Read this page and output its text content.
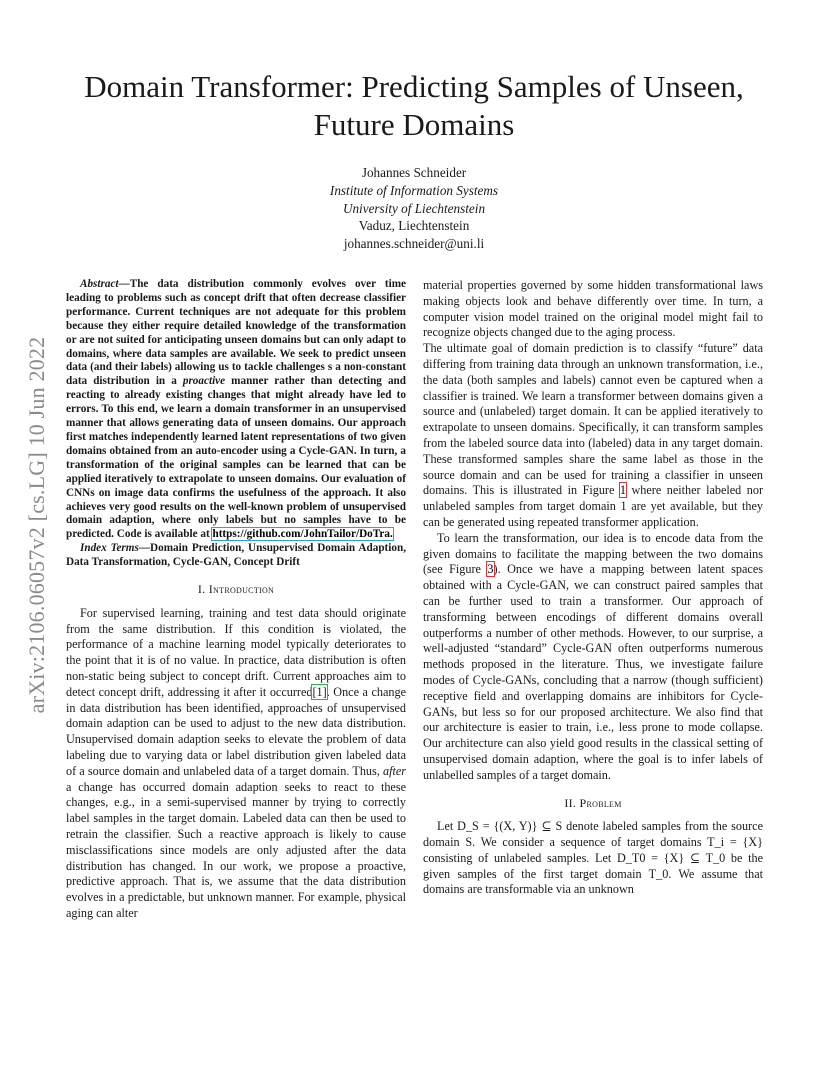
arXiv:2106.06057v2 [cs.LG] 10 Jun 2022
Domain Transformer: Predicting Samples of Unseen, Future Domains
Johannes Schneider
Institute of Information Systems
University of Liechtenstein
Vaduz, Liechtenstein
johannes.schneider@uni.li

Abstract—The data distribution commonly evolves over time leading to problems such as concept drift that often decrease classifier performance. Current techniques are not adequate for this problem because they either require detailed knowledge of the transformation or are not suited for anticipating unseen domains but can only adapt to domains, where data samples are available. We seek to predict unseen data (and their labels) allowing us to tackle challenges s a non-constant data distribution in a proactive manner rather than detecting and reacting to already existing changes that might already have led to errors. To this end, we learn a domain transformer in an unsupervised manner that allows generating data of unseen domains. Our approach first matches independently learned latent representations of two given domains obtained from an auto-encoder using a Cycle-GAN. In turn, a transformation of the original samples can be learned that can be applied iteratively to extrapolate to unseen domains. Our evaluation of CNNs on image data confirms the usefulness of the approach. It also achieves very good results on the well-known problem of unsupervised domain adaption, where only labels but no samples have to be predicted. Code is available at https://github.com/JohnTailor/DoTra.

Index Terms—Domain Prediction, Unsupervised Domain Adaption, Data Transformation, Cycle-GAN, Concept Drift

I. Introduction

For supervised learning, training and test data should originate from the same distribution. If this condition is violated, the performance of a machine learning model typically deteriorates to the point that it is of no value. In practice, data distribution is often non-static being subject to concept drift. Current approaches aim to detect concept drift, addressing it after it occurred[1]. Once a change in data distribution has been identified, approaches of unsupervised domain adaption can be used to adjust to the new data distribution. Unsupervised domain adaption seeks to elevate the problem of data labeling due to varying data or label distribution given labeled data of a source domain and unlabeled data of a target domain. Thus, after a change has occurred domain adaption seeks to react to these changes, e.g., in a semi-supervised manner by trying to correctly label samples in the target domain. Labeled data can then be used to retrain the classifier. Such a reactive approach is likely to cause misclassifications since models are only adjusted after the data distribution has changed. In our work, we propose a proactive, predictive approach. That is, we assume that the data distribution evolves in a predictable, but unknown manner. For example, physical aging can alter

material properties governed by some hidden transformational laws making objects look and behave differently over time. In turn, a computer vision model trained on the original model might fail to recognize objects changed due to the aging process.

The ultimate goal of domain prediction is to classify “future” data differing from training data through an unknown transformation, i.e., the data (both samples and labels) cannot even be captured when a classifier is trained. We learn a transformer between domains given a source and (unlabeled) target domain. It can be applied iteratively to extrapolate to unseen domains. Specifically, it can transform samples from the labeled source data into (labeled) data in any target domain. These transformed samples share the same label as those in the source domain and can be used for training a classifier in unseen domains. This is illustrated in Figure 1 where neither labeled nor unlabeled samples from target domain 1 are yet available, but they can be generated using repeated transformer application.

To learn the transformation, our idea is to encode data from the given domains to facilitate the mapping between the two domains (see Figure 3). Once we have a mapping between latent spaces obtained with a Cycle-GAN, we can construct paired samples that can be further used to train a transformer. Our approach of transforming between encodings of different domains overall outperforms a number of other methods. However, to our surprise, a well-adjusted “standard” Cycle-GAN often outperforms numerous methods proposed in the literature. Thus, we investigate failure modes of Cycle-GANs, concluding that a narrow (though sufficient) receptive field and overlapping domains are inhibitors for Cycle-GANs, but less so for our proposed architecture. We also find that our architecture is easier to train, i.e., less prone to mode collapse. Our architecture can also yield good results in the classical setting of unsupervised domain adaption, where the goal is to infer labels of unlabelled samples of a target domain.

II. Problem

Let D_S = {(X, Y)} ⊆ S denote labeled samples from the source domain S. We consider a sequence of target domains T_i = {X} consisting of unlabeled samples. Let D_T0 = {X} ⊆ T_0 be the given samples of the first target domain T_0. We assume that domains are transformable via an unknown
